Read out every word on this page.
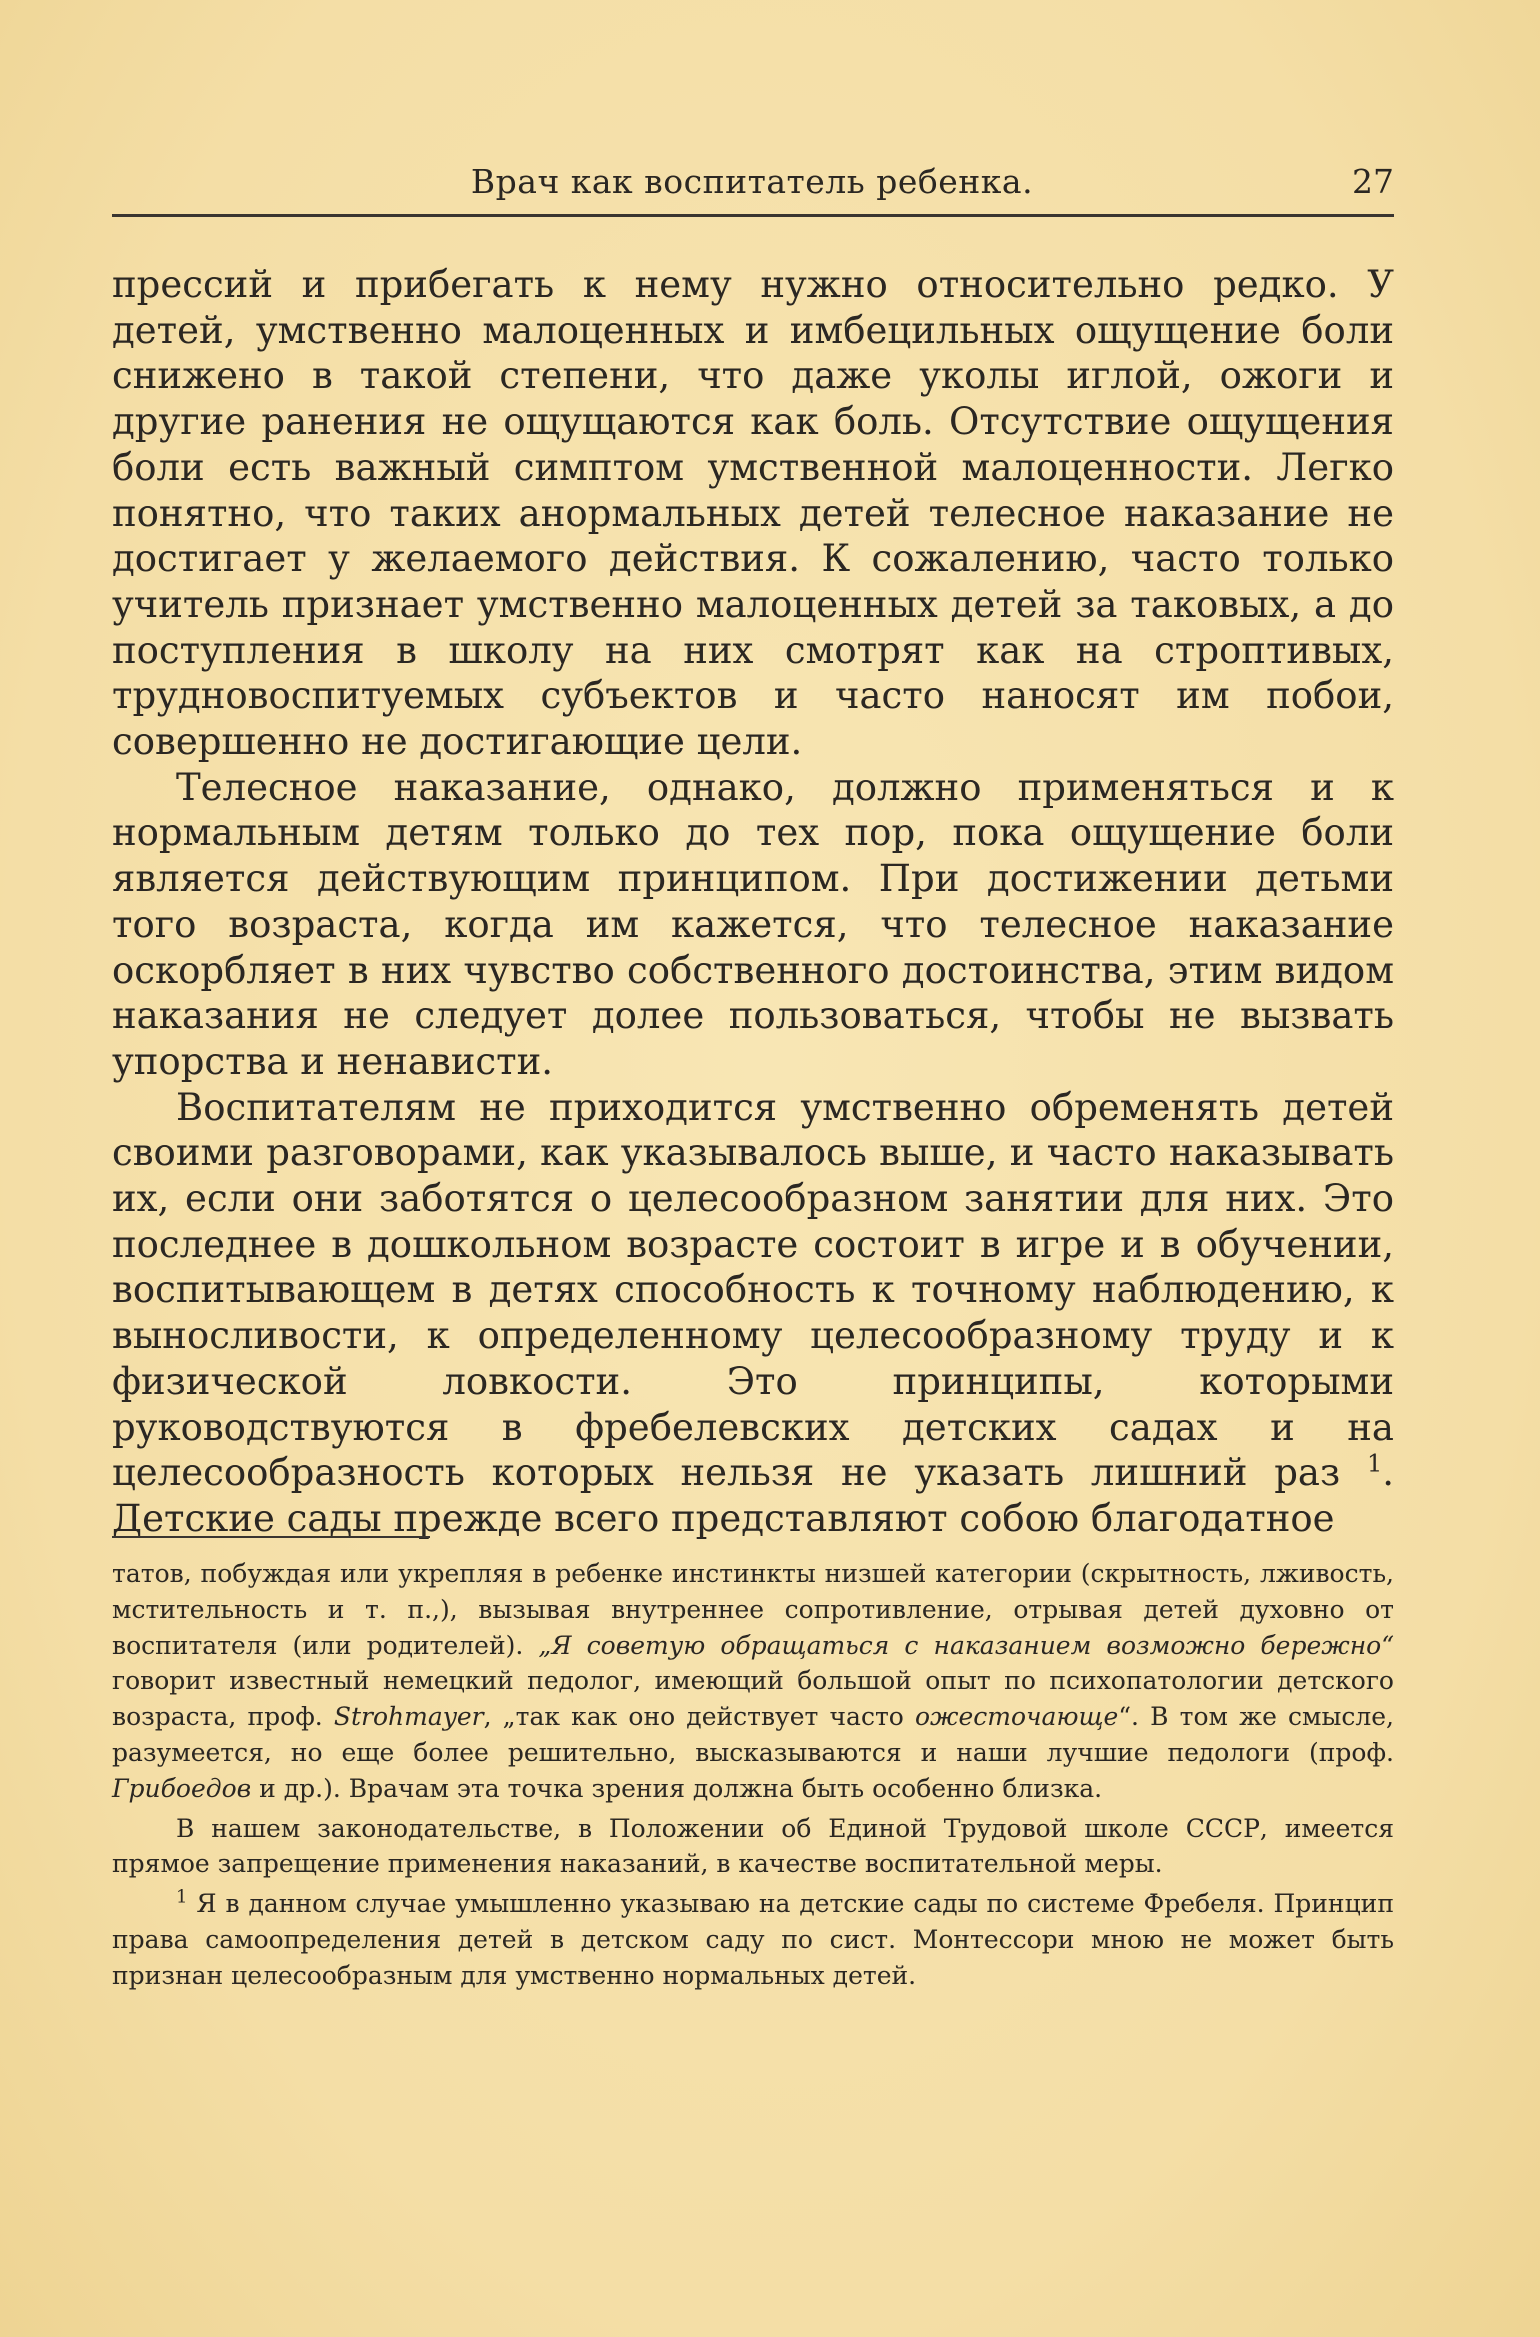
Врач как воспитатель ребенка.	27

прессий и прибегать к нему нужно относительно редко. У детей, умственно малоценных и имбецильных ощущение боли снижено в такой степени, что даже уколы иглой, ожоги и другие ранения не ощущаются как боль. Отсутствие ощущения боли есть важный симптом умственной малоценности. Легко понятно, что таких анормальных детей телесное наказание не достигает у желаемого действия. К сожалению, часто только учитель признает умственно малоценных детей за таковых, а до поступления в школу на них смотрят как на строптивых, трудновоспитуемых субъектов и часто наносят им побои, совершенно не достигающие цели.

Телесное наказание, однако, должно применяться и к нормальным детям только до тех пор, пока ощущение боли является действующим принципом. При достижении детьми того возраста, когда им кажется, что телесное наказание оскорбляет в них чувство собственного достоинства, этим видом наказания не следует долее пользоваться, чтобы не вызвать упорства и ненависти.

Воспитателям не приходится умственно обременять детей своими разговорами, как указывалось выше, и часто наказывать их, если они заботятся о целесообразном занятии для них. Это последнее в дошкольном возрасте состоит в игре и в обучении, воспитывающем в детях способность к точному наблюдению, к выносливости, к определенному целесообразному труду и к физической ловкости. Это принципы, которыми руководствуются в фребелевских детских садах и на целесообразность которых нельзя не указать лишний раз $^1$. Детские сады прежде всего представляют собою благодатное

татов, побуждая или укрепляя в ребенке инстинкты низшей категории (скрытность, лживость, мстительность и т. п.,), вызывая внутреннее сопротивление, отрывая детей духовно от воспитателя (или родителей). „Я советую обращаться с наказанием возможно бережно“ говорит известный немецкий педолог, имеющий большой опыт по психопатологии детского возраста, проф. Strohmayer, „так как оно действует часто ожесточающе“. В том же смысле, разумеется, но еще более решительно, высказываются и наши лучшие педологи (проф. Грибоедов и др.). Врачам эта точка зрения должна быть особенно близка.

В нашем законодательстве, в Положении об Единой Трудовой школе СССР, имеется прямое запрещение применения наказаний, в качестве воспитательной меры.

$^1$ Я в данном случае умышленно указываю на детские сады по системе Фребеля. Принцип права самоопределения детей в детском саду по сист. Монтессори мною не может быть признан целесообразным для умственно нормальных детей.
